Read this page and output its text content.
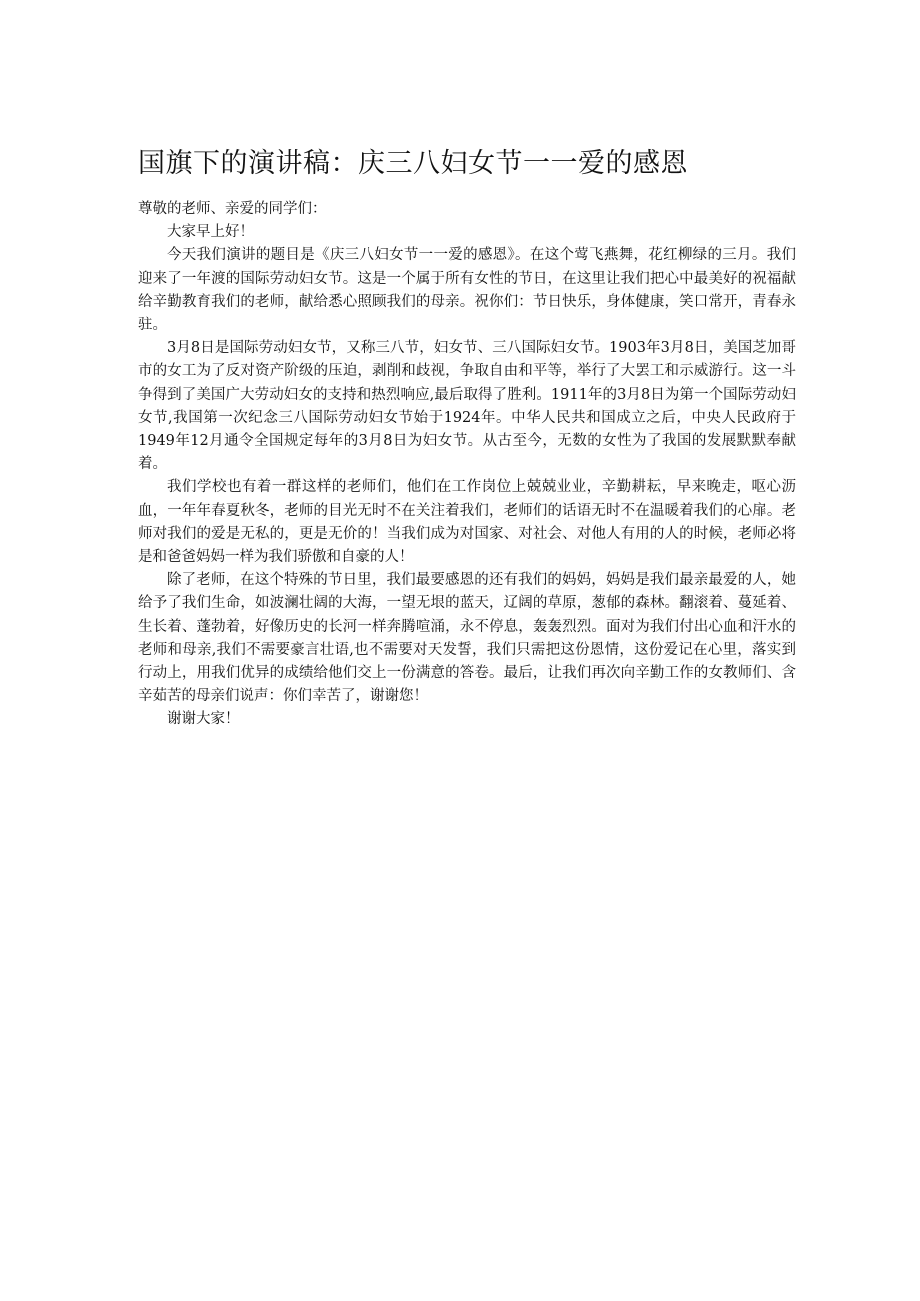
国旗下的演讲稿：庆三八妇女节一一爱的感恩

尊敬的老师、亲爱的同学们：

大家早上好！

今天我们演讲的题目是《庆三八妇女节一一爱的感恩》。在这个莺飞燕舞，花红柳绿的三月。我们迎来了一年渡的国际劳动妇女节。这是一个属于所有女性的节日，在这里让我们把心中最美好的祝福献给辛勤教育我们的老师，献给悉心照顾我们的母亲。祝你们：节日快乐，身体健康，笑口常开，青春永驻。

3月8日是国际劳动妇女节，又称三八节，妇女节、三八国际妇女节。1903年3月8日，美国芝加哥市的女工为了反对资产阶级的压迫，剥削和歧视，争取自由和平等，举行了大罢工和示威游行。这一斗争得到了美国广大劳动妇女的支持和热烈响应,最后取得了胜利。1911年的3月8日为第一个国际劳动妇女节,我国第一次纪念三八国际劳动妇女节始于1924年。中华人民共和国成立之后，中央人民政府于1949年12月通令全国规定每年的3月8日为妇女节。从古至今，无数的女性为了我国的发展默默奉献着。

我们学校也有着一群这样的老师们，他们在工作岗位上兢兢业业，辛勤耕耘，早来晚走，呕心沥血，一年年春夏秋冬，老师的目光无时不在关注着我们，老师们的话语无时不在温暖着我们的心扉。老师对我们的爱是无私的，更是无价的！当我们成为对国家、对社会、对他人有用的人的时候，老师必将是和爸爸妈妈一样为我们骄傲和自豪的人！

除了老师，在这个特殊的节日里，我们最要感恩的还有我们的妈妈，妈妈是我们最亲最爱的人，她给予了我们生命，如波澜壮阔的大海，一望无垠的蓝天，辽阔的草原，葱郁的森林。翻滚着、蔓延着、生长着、蓬勃着，好像历史的长河一样奔腾喧涌，永不停息，轰轰烈烈。面对为我们付出心血和汗水的老师和母亲,我们不需要豪言壮语,也不需要对天发誓，我们只需把这份恩情，这份爱记在心里，落实到行动上，用我们优异的成绩给他们交上一份满意的答卷。最后，让我们再次向辛勤工作的女教师们、含辛茹苦的母亲们说声：你们幸苦了，谢谢您！

谢谢大家！
